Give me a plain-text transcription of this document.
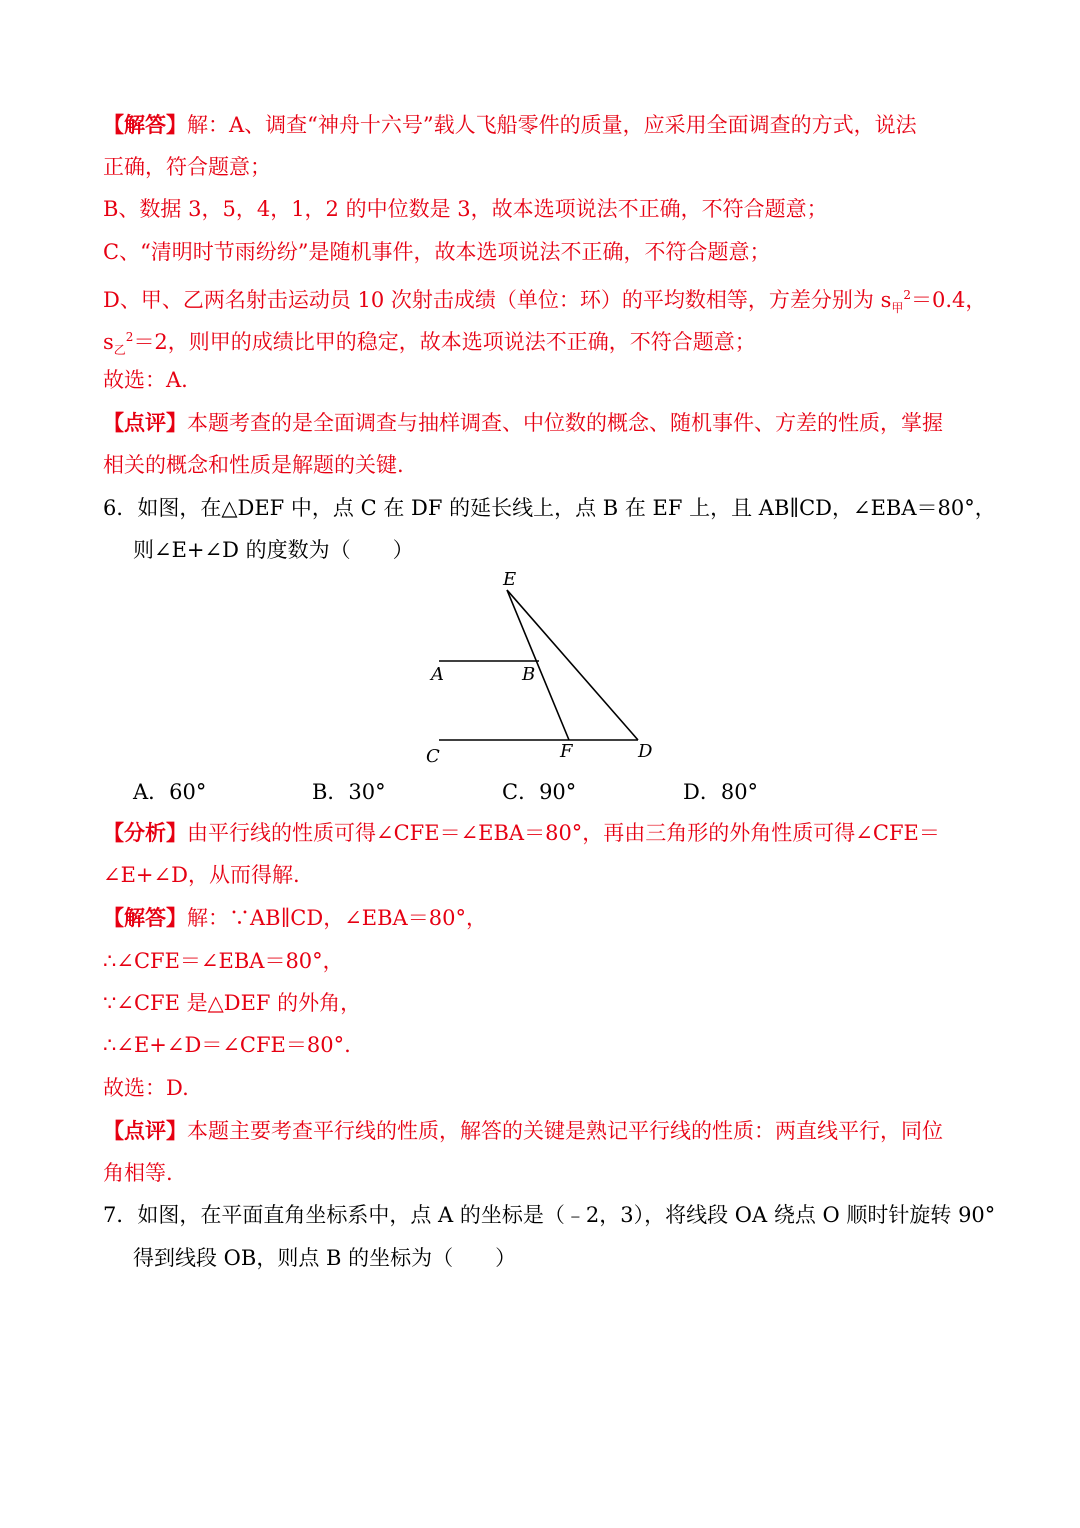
【解答】解：A、调查“神舟十六号”载人飞船零件的质量，应采用全面调查的方式，说法
正确，符合题意；
B、数据 3，5，4，1，2 的中位数是 3，故本选项说法不正确，不符合题意；
C、“清明时节雨纷纷”是随机事件，故本选项说法不正确，不符合题意；
D、甲、乙两名射击运动员 10 次射击成绩（单位：环）的平均数相等，方差分别为 $s_甲^2=0.4$，
$s_乙^2=2$，则甲的成绩比甲的稳定，故本选项说法不正确，不符合题意；
故选：A.
【点评】本题考查的是全面调查与抽样调查、中位数的概念、随机事件、方差的性质，掌握
相关的概念和性质是解题的关键.
6．如图，在△DEF 中，点 C 在 DF 的延长线上，点 B 在 EF 上，且 AB∥CD，∠EBA＝80°，
则∠E+∠D 的度数为（　　）
E
A	B
C	F	D
A．60°	B．30°	C．90°	D．80°
【分析】由平行线的性质可得∠CFE＝∠EBA＝80°，再由三角形的外角性质可得∠CFE＝
∠E+∠D，从而得解.
【解答】解：∵AB∥CD，∠EBA＝80°，
∴∠CFE＝∠EBA＝80°，
∵∠CFE 是△DEF 的外角，
∴∠E+∠D＝∠CFE＝80°.
故选：D.
【点评】本题主要考查平行线的性质，解答的关键是熟记平行线的性质：两直线平行，同位
角相等.
7．如图，在平面直角坐标系中，点 A 的坐标是（﹣2，3），将线段 OA 绕点 O 顺时针旋转 90°
得到线段 OB，则点 B 的坐标为（　　）
